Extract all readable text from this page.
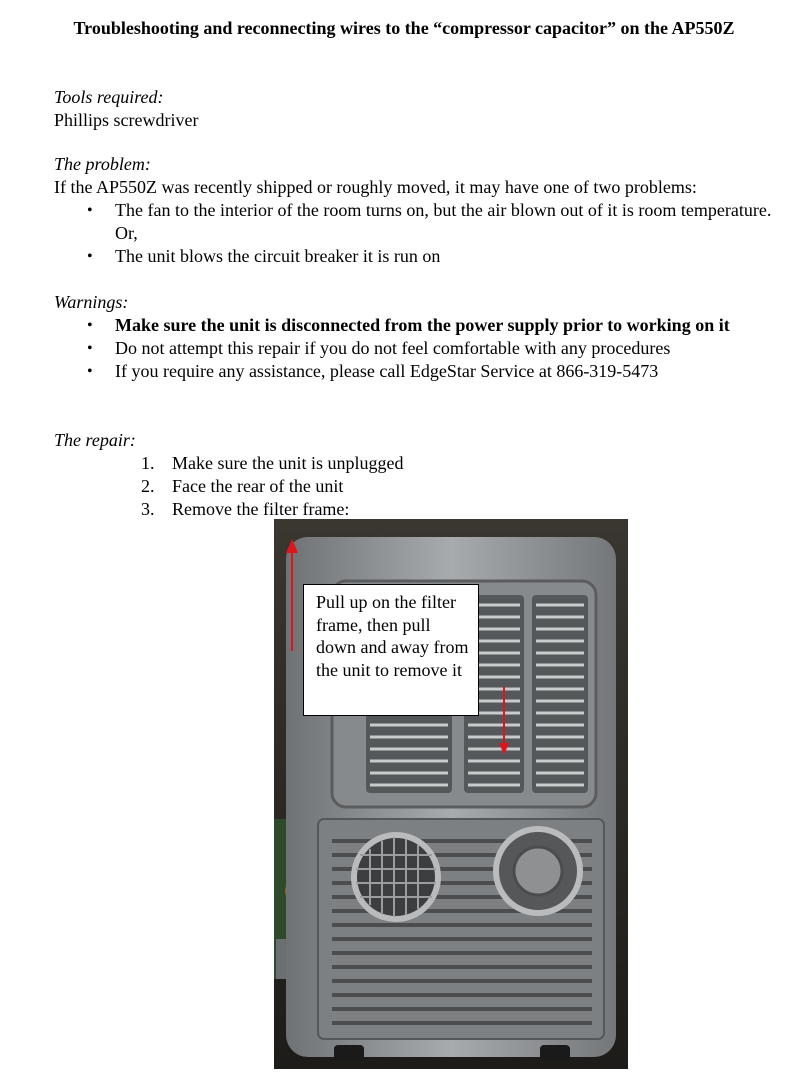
Troubleshooting and reconnecting wires to the “compressor capacitor” on the AP550Z
Tools required:
Phillips screwdriver
The problem:
If the AP550Z was recently shipped or roughly moved, it may have one of two problems:
• The fan to the interior of the room turns on, but the air blown out of it is room temperature. Or,
• The unit blows the circuit breaker it is run on
Warnings:
• Make sure the unit is disconnected from the power supply prior to working on it
• Do not attempt this repair if you do not feel comfortable with any procedures
• If you require any assistance, please call EdgeStar Service at 866-319-5473
The repair:
1. Make sure the unit is unplugged
2. Face the rear of the unit
3. Remove the filter frame:
Pull up on the filter frame, then pull down and away from the unit to remove it
